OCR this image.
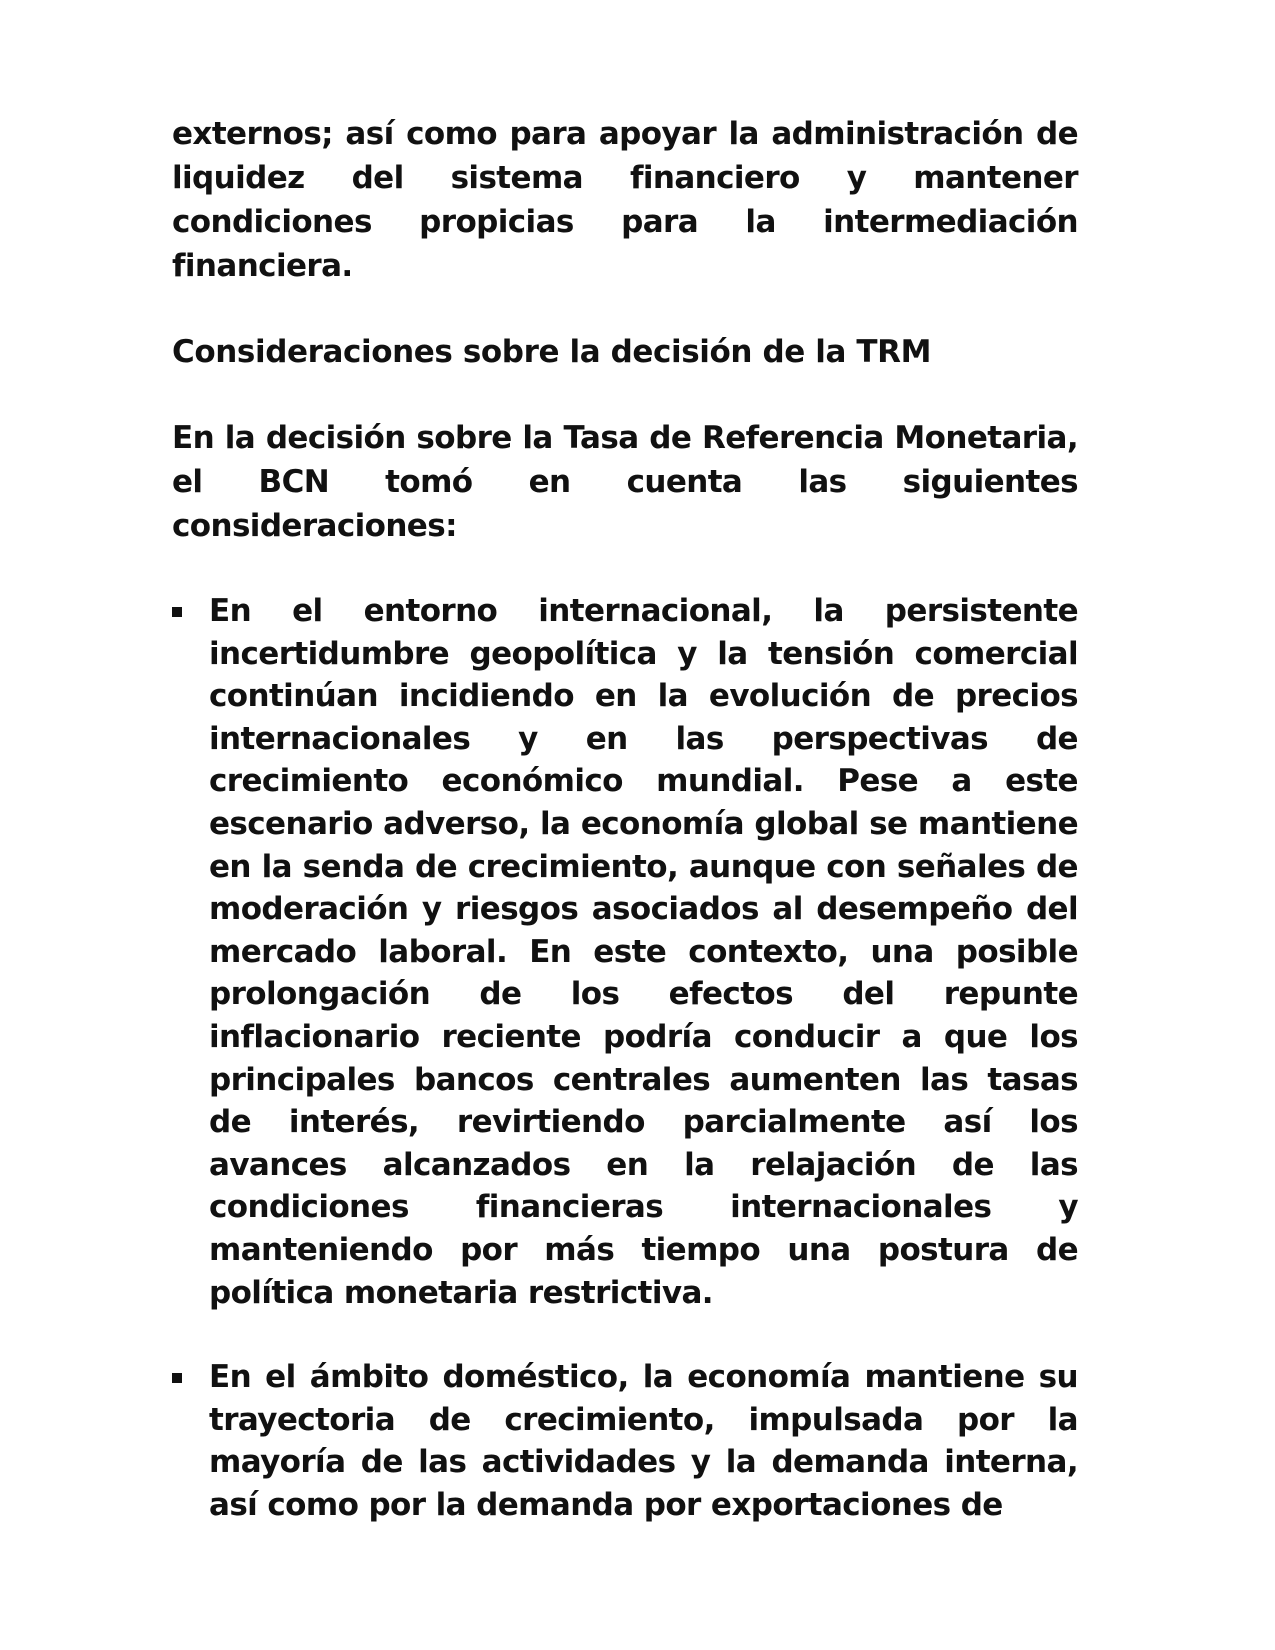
externos; así como para apoyar la administración de liquidez del sistema financiero y mantener condiciones propicias para la intermediación financiera.

Consideraciones sobre la decisión de la TRM

En la decisión sobre la Tasa de Referencia Monetaria, el BCN tomó en cuenta las siguientes consideraciones:

En el entorno internacional, la persistente incertidumbre geopolítica y la tensión comercial continúan incidiendo en la evolución de precios internacionales y en las perspectivas de crecimiento económico mundial. Pese a este escenario adverso, la economía global se mantiene en la senda de crecimiento, aunque con señales de moderación y riesgos asociados al desempeño del mercado laboral. En este contexto, una posible prolongación de los efectos del repunte inflacionario reciente podría conducir a que los principales bancos centrales aumenten las tasas de interés, revirtiendo parcialmente así los avances alcanzados en la relajación de las condiciones financieras internacionales y manteniendo por más tiempo una postura de política monetaria restrictiva.

En el ámbito doméstico, la economía mantiene su trayectoria de crecimiento, impulsada por la mayoría de las actividades y la demanda interna, así como por la demanda por exportaciones de
